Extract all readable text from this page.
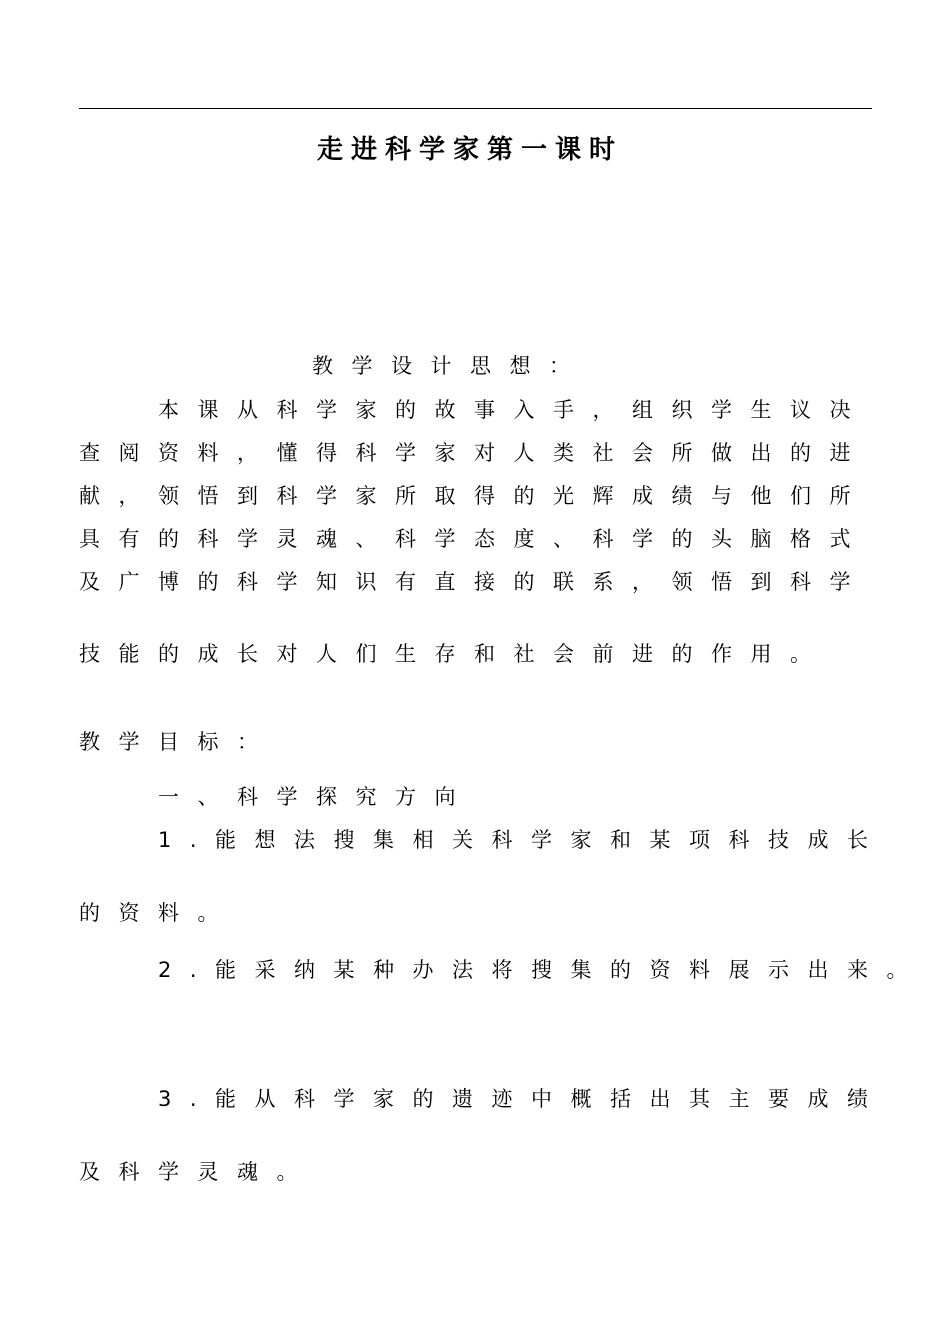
走进科学家第一课时
教学设计思想：
本课从科学家的故事入手，组织学生议决
查阅资料，懂得科学家对人类社会所做出的进
献，领悟到科学家所取得的光辉成绩与他们所
具有的科学灵魂、科学态度、科学的头脑格式
及广博的科学知识有直接的联系，领悟到科学
技能的成长对人们生存和社会前进的作用。
教学目标：
一、科学探究方向
1.能想法搜集相关科学家和某项科技成长
的资料。
2.能采纳某种办法将搜集的资料展示出来。
3.能从科学家的遗迹中概括出其主要成绩
及科学灵魂。
